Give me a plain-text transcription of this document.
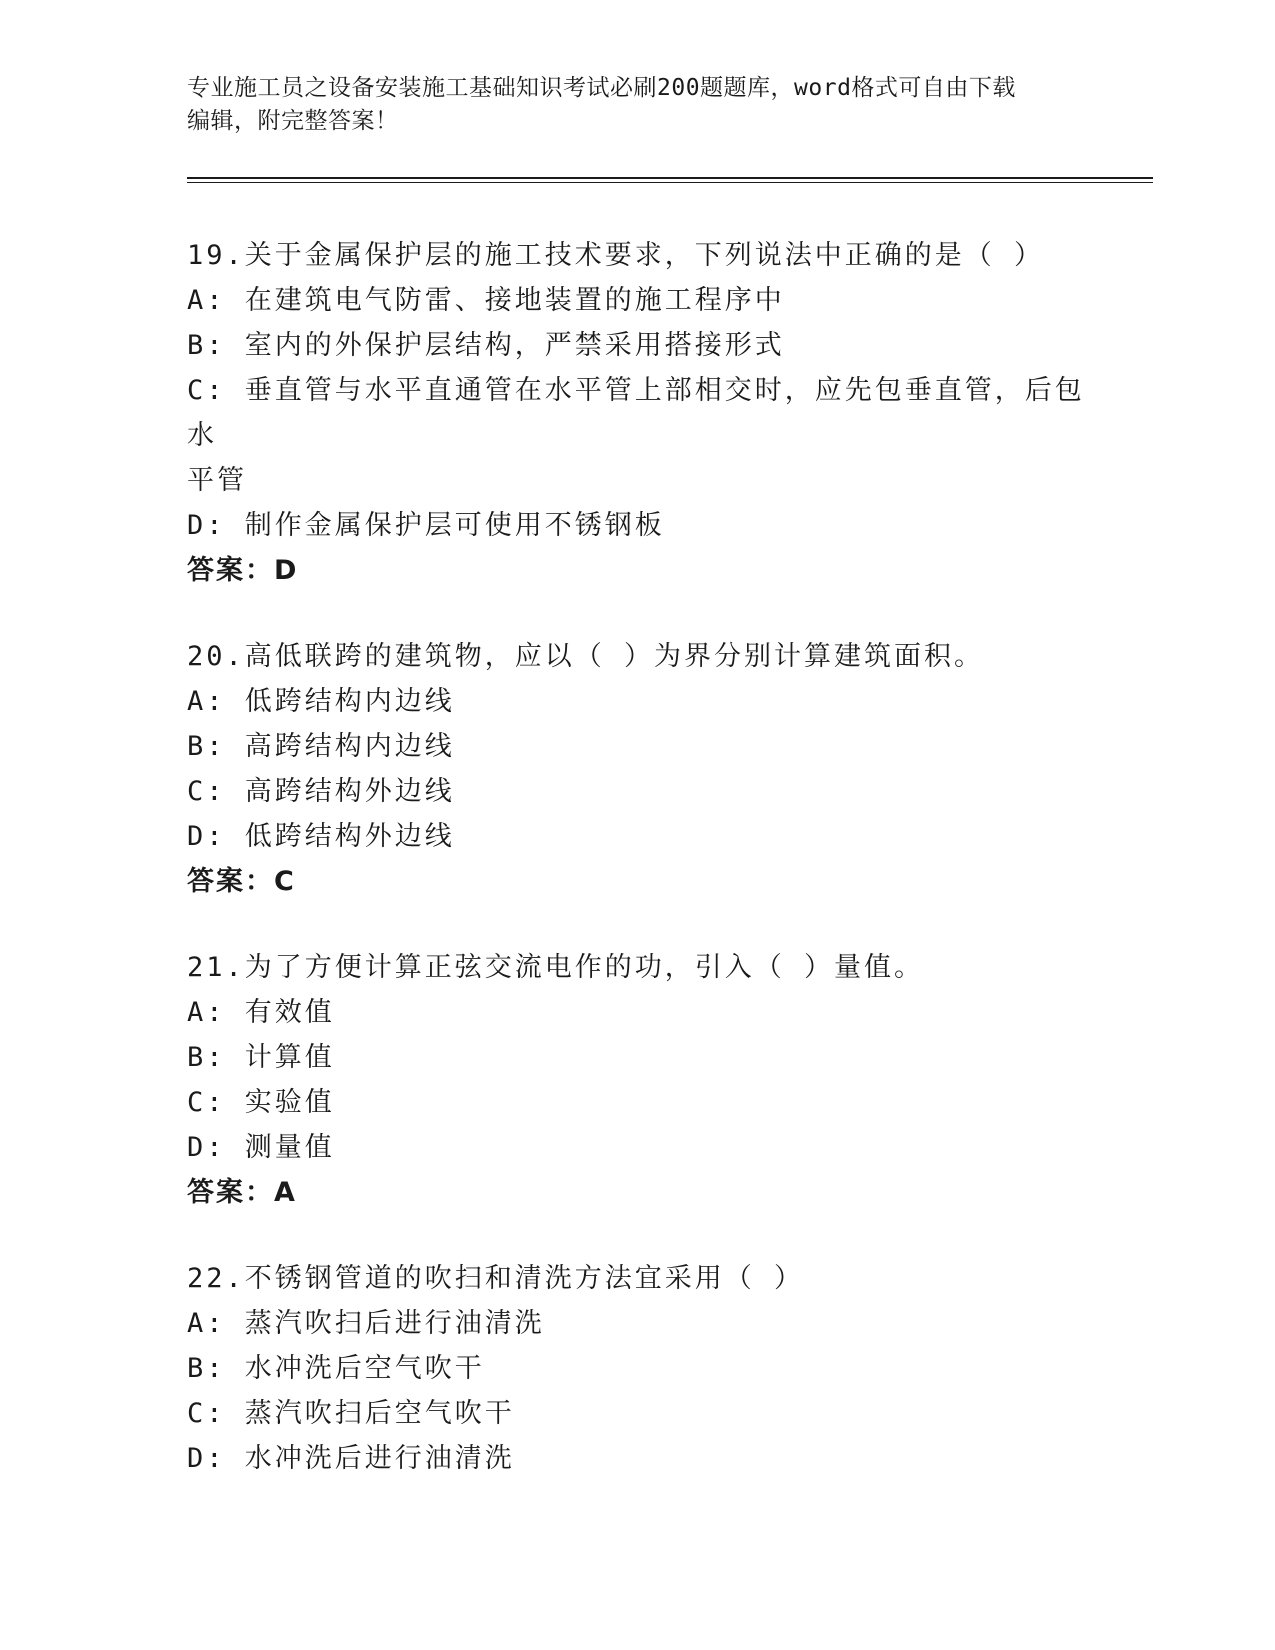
专业施工员之设备安装施工基础知识考试必刷200题题库，word格式可自由下载
编辑，附完整答案！
19.关于金属保护层的施工技术要求，下列说法中正确的是（ ）
A: 在建筑电气防雷、接地装置的施工程序中
B: 室内的外保护层结构，严禁采用搭接形式
C: 垂直管与水平直通管在水平管上部相交时，应先包垂直管，后包水
平管
D: 制作金属保护层可使用不锈钢板
答案：D
20.高低联跨的建筑物，应以（ ）为界分别计算建筑面积。
A: 低跨结构内边线
B: 高跨结构内边线
C: 高跨结构外边线
D: 低跨结构外边线
答案：C
21.为了方便计算正弦交流电作的功，引入（ ）量值。
A: 有效值
B: 计算值
C: 实验值
D: 测量值
答案：A
22.不锈钢管道的吹扫和清洗方法宜采用（ ）
A: 蒸汽吹扫后进行油清洗
B: 水冲洗后空气吹干
C: 蒸汽吹扫后空气吹干
D: 水冲洗后进行油清洗
